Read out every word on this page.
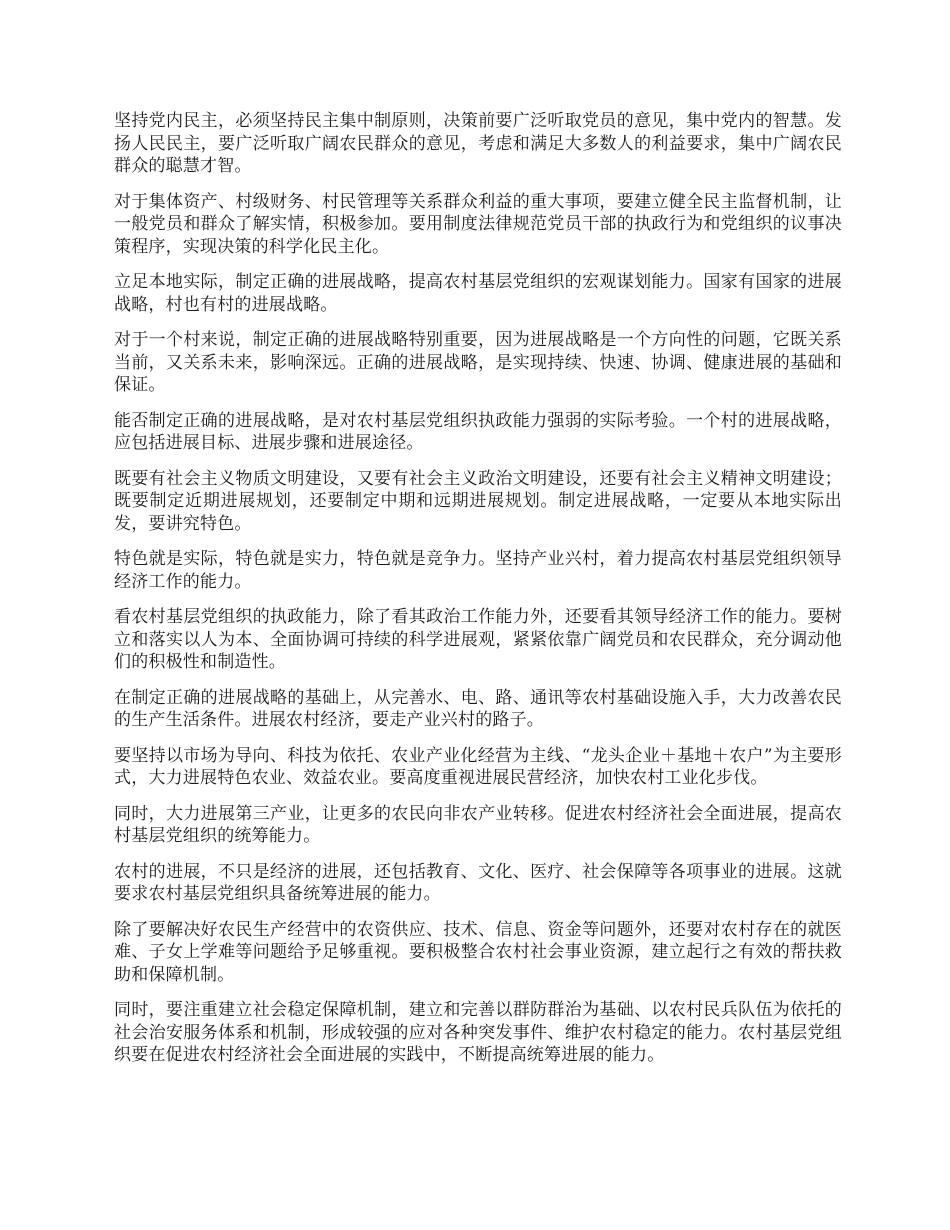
坚持党内民主，必须坚持民主集中制原则，决策前要广泛听取党员的意见，集中党内的智慧。发扬人民民主，要广泛听取广阔农民群众的意见，考虑和满足大多数人的利益要求，集中广阔农民群众的聪慧才智。

对于集体资产、村级财务、村民管理等关系群众利益的重大事项，要建立健全民主监督机制，让一般党员和群众了解实情，积极参加。要用制度法律规范党员干部的执政行为和党组织的议事决策程序，实现决策的科学化民主化。

立足本地实际，制定正确的进展战略，提高农村基层党组织的宏观谋划能力。国家有国家的进展战略，村也有村的进展战略。

对于一个村来说，制定正确的进展战略特别重要，因为进展战略是一个方向性的问题，它既关系当前，又关系未来，影响深远。正确的进展战略，是实现持续、快速、协调、健康进展的基础和保证。

能否制定正确的进展战略，是对农村基层党组织执政能力强弱的实际考验。一个村的进展战略，应包括进展目标、进展步骤和进展途径。

既要有社会主义物质文明建设，又要有社会主义政治文明建设，还要有社会主义精神文明建设；既要制定近期进展规划，还要制定中期和远期进展规划。制定进展战略，一定要从本地实际出发，要讲究特色。

特色就是实际，特色就是实力，特色就是竞争力。坚持产业兴村，着力提高农村基层党组织领导经济工作的能力。

看农村基层党组织的执政能力，除了看其政治工作能力外，还要看其领导经济工作的能力。要树立和落实以人为本、全面协调可持续的科学进展观，紧紧依靠广阔党员和农民群众，充分调动他们的积极性和制造性。

在制定正确的进展战略的基础上，从完善水、电、路、通讯等农村基础设施入手，大力改善农民的生产生活条件。进展农村经济，要走产业兴村的路子。

要坚持以市场为导向、科技为依托、农业产业化经营为主线、“龙头企业＋基地＋农户”为主要形式，大力进展特色农业、效益农业。要高度重视进展民营经济，加快农村工业化步伐。

同时，大力进展第三产业，让更多的农民向非农产业转移。促进农村经济社会全面进展，提高农村基层党组织的统筹能力。

农村的进展，不只是经济的进展，还包括教育、文化、医疗、社会保障等各项事业的进展。这就要求农村基层党组织具备统筹进展的能力。

除了要解决好农民生产经营中的农资供应、技术、信息、资金等问题外，还要对农村存在的就医难、子女上学难等问题给予足够重视。要积极整合农村社会事业资源，建立起行之有效的帮扶救助和保障机制。

同时，要注重建立社会稳定保障机制，建立和完善以群防群治为基础、以农村民兵队伍为依托的社会治安服务体系和机制，形成较强的应对各种突发事件、维护农村稳定的能力。农村基层党组织要在促进农村经济社会全面进展的实践中，不断提高统筹进展的能力。
